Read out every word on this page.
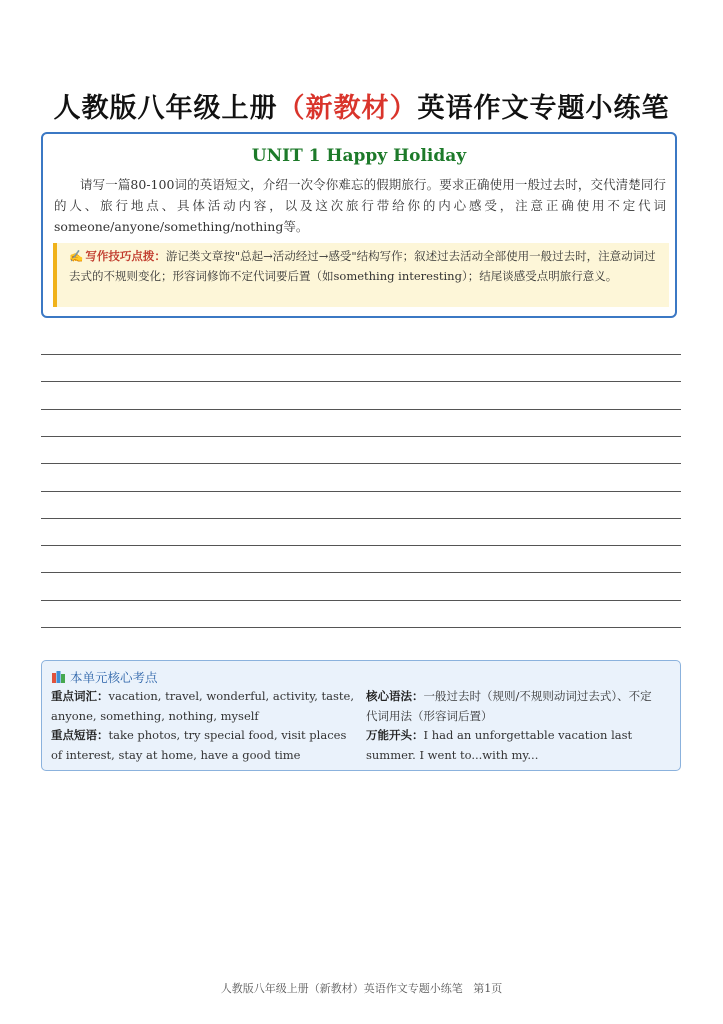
人教版八年级上册（新教材）英语作文专题小练笔
UNIT 1 Happy Holiday
请写一篇80-100词的英语短文，介绍一次令你难忘的假期旅行。要求正确使用一般过去时，交代清楚同行的人、旅行地点、具体活动内容，以及这次旅行带给你的内心感受，注意正确使用不定代词someone/anyone/something/nothing等。
✍ 写作技巧点拨：游记类文章按"总起→活动经过→感受"结构写作；叙述过去活动全部使用一般过去时，注意动词过去式的不规则变化；形容词修饰不定代词要后置（如something interesting）；结尾谈感受点明旅行意义。
本单元核心考点
重点词汇：vacation, travel, wonderful, activity, taste, anyone, something, nothing, myself
重点短语：take photos, try special food, visit places of interest, stay at home, have a good time
核心语法：一般过去时（规则/不规则动词过去式）、不定代词用法（形容词后置）
万能开头：I had an unforgettable vacation last summer. I went to...with my...
人教版八年级上册（新教材）英语作文专题小练笔 第1页
